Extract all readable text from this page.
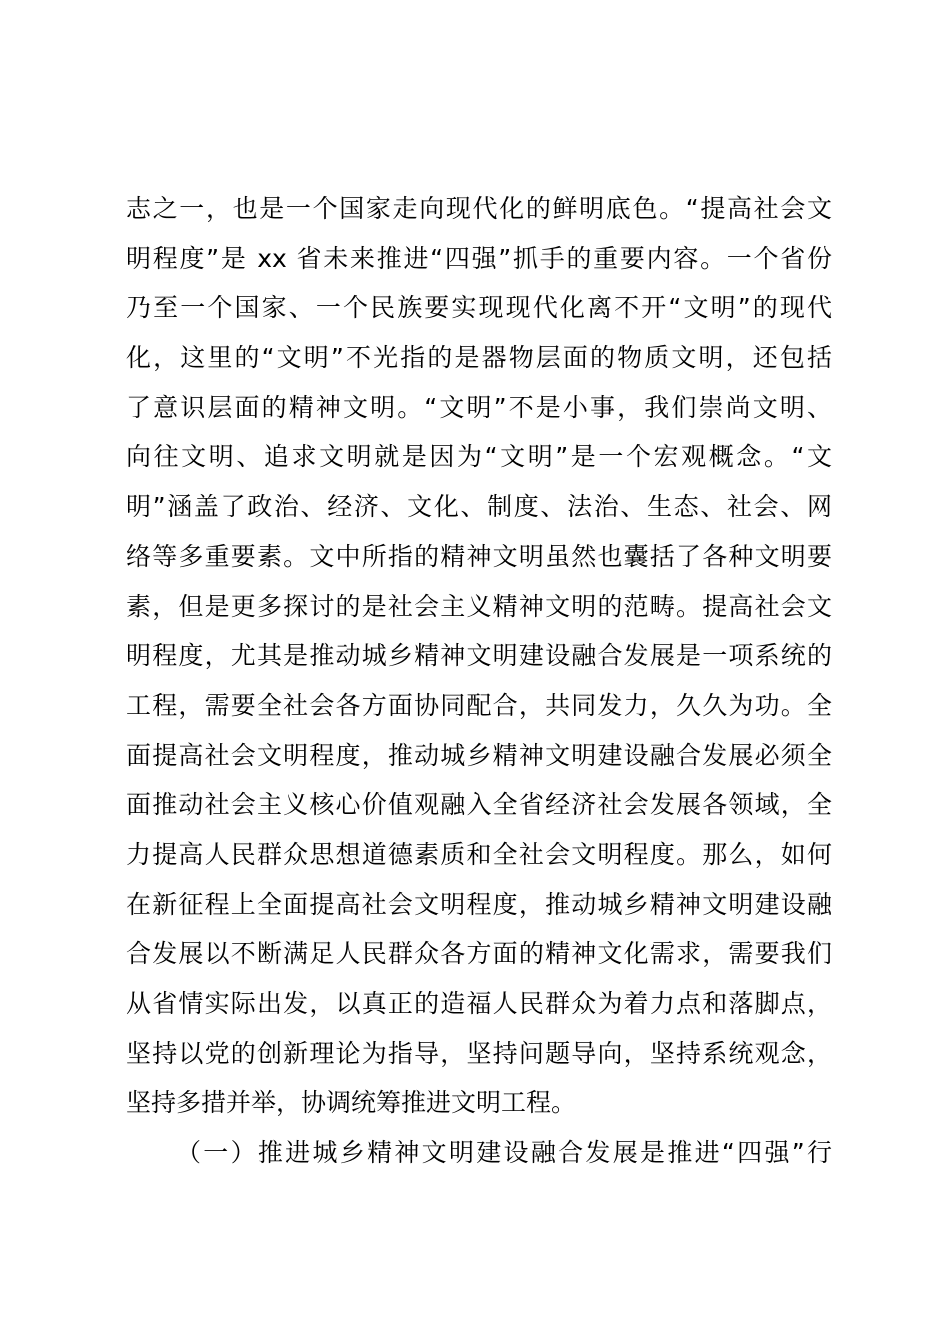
志之一，也是一个国家走向现代化的鲜明底色。“提高社会文
明程度”是 xx 省未来推进“四强”抓手的重要内容。一个省份
乃至一个国家、一个民族要实现现代化离不开“文明”的现代
化，这里的“文明”不光指的是器物层面的物质文明，还包括
了意识层面的精神文明。“文明”不是小事，我们崇尚文明、
向往文明、追求文明就是因为“文明”是一个宏观概念。“文
明”涵盖了政治、经济、文化、制度、法治、生态、社会、网
络等多重要素。文中所指的精神文明虽然也囊括了各种文明要
素，但是更多探讨的是社会主义精神文明的范畴。提高社会文
明程度，尤其是推动城乡精神文明建设融合发展是一项系统的
工程，需要全社会各方面协同配合，共同发力，久久为功。全
面提高社会文明程度，推动城乡精神文明建设融合发展必须全
面推动社会主义核心价值观融入全省经济社会发展各领域，全
力提高人民群众思想道德素质和全社会文明程度。那么，如何
在新征程上全面提高社会文明程度，推动城乡精神文明建设融
合发展以不断满足人民群众各方面的精神文化需求，需要我们
从省情实际出发，以真正的造福人民群众为着力点和落脚点，
坚持以党的创新理论为指导，坚持问题导向，坚持系统观念，
坚持多措并举，协调统筹推进文明工程。
（一）推进城乡精神文明建设融合发展是推进“四强”行
